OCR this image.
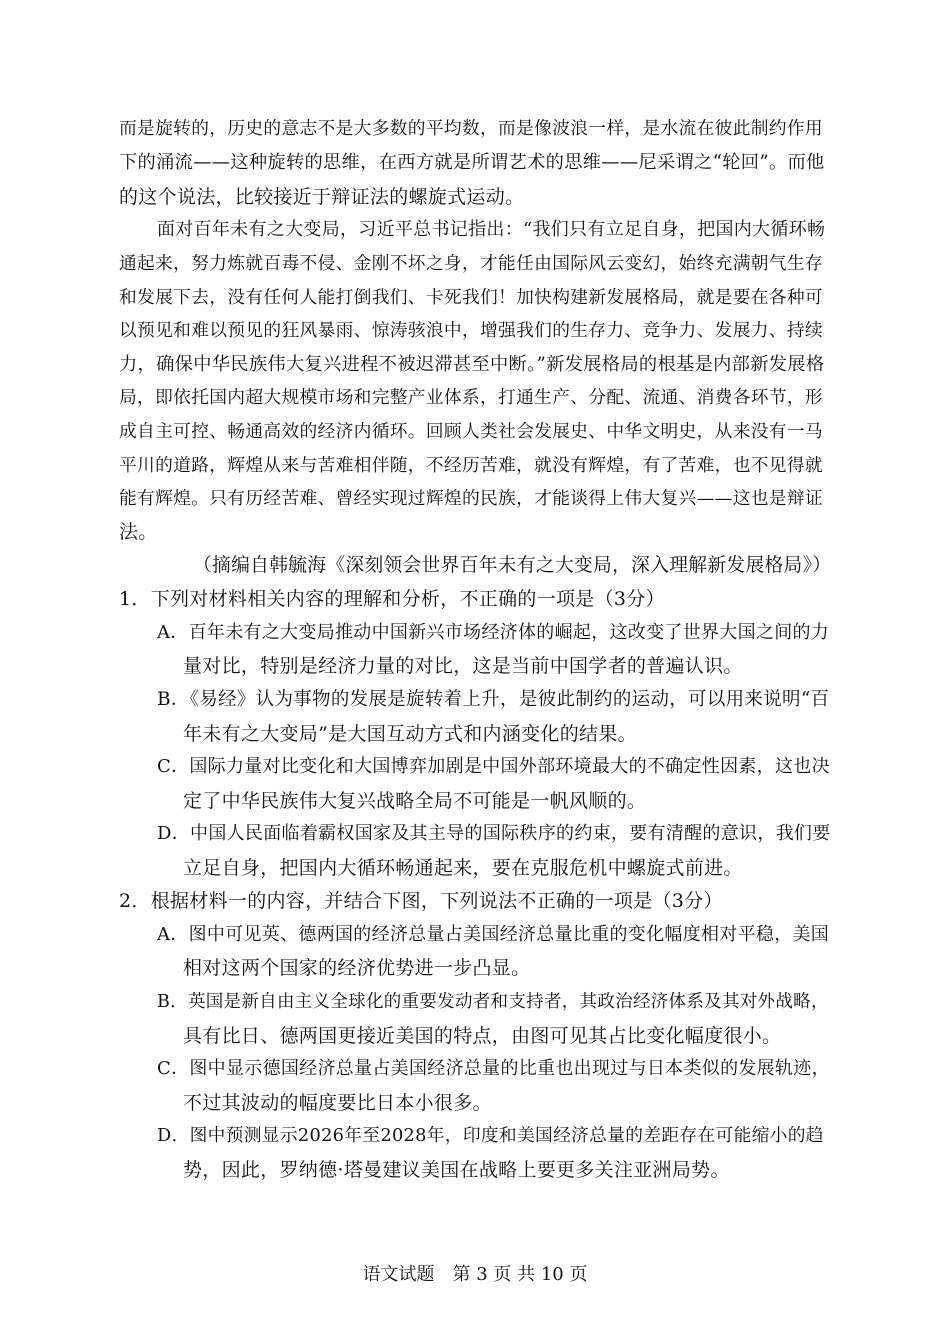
而是旋转的，历史的意志不是大多数的平均数，而是像波浪一样，是水流在彼此制约作用
下的涌流——这种旋转的思维，在西方就是所谓艺术的思维——尼采谓之“轮回”。而他
的这个说法，比较接近于辩证法的螺旋式运动。
面对百年未有之大变局，习近平总书记指出：“我们只有立足自身，把国内大循环畅
通起来，努力炼就百毒不侵、金刚不坏之身，才能任由国际风云变幻，始终充满朝气生存
和发展下去，没有任何人能打倒我们、卡死我们！加快构建新发展格局，就是要在各种可
以预见和难以预见的狂风暴雨、惊涛骇浪中，增强我们的生存力、竞争力、发展力、持续
力，确保中华民族伟大复兴进程不被迟滞甚至中断。”新发展格局的根基是内部新发展格
局，即依托国内超大规模市场和完整产业体系，打通生产、分配、流通、消费各环节，形
成自主可控、畅通高效的经济内循环。回顾人类社会发展史、中华文明史，从来没有一马
平川的道路，辉煌从来与苦难相伴随，不经历苦难，就没有辉煌，有了苦难，也不见得就
能有辉煌。只有历经苦难、曾经实现过辉煌的民族，才能谈得上伟大复兴——这也是辩证
法。
（摘编自韩毓海《深刻领会世界百年未有之大变局，深入理解新发展格局》）
1．下列对材料相关内容的理解和分析，不正确的一项是（3分）
A．百年未有之大变局推动中国新兴市场经济体的崛起，这改变了世界大国之间的力
量对比，特别是经济力量的对比，这是当前中国学者的普遍认识。
B．《易经》认为事物的发展是旋转着上升，是彼此制约的运动，可以用来说明“百
年未有之大变局”是大国互动方式和内涵变化的结果。
C．国际力量对比变化和大国博弈加剧是中国外部环境最大的不确定性因素，这也决
定了中华民族伟大复兴战略全局不可能是一帆风顺的。
D．中国人民面临着霸权国家及其主导的国际秩序的约束，要有清醒的意识，我们要
立足自身，把国内大循环畅通起来，要在克服危机中螺旋式前进。
2．根据材料一的内容，并结合下图，下列说法不正确的一项是（3分）
A．图中可见英、德两国的经济总量占美国经济总量比重的变化幅度相对平稳，美国
相对这两个国家的经济优势进一步凸显。
B．英国是新自由主义全球化的重要发动者和支持者，其政治经济体系及其对外战略，
具有比日、德两国更接近美国的特点，由图可见其占比变化幅度很小。
C．图中显示德国经济总量占美国经济总量的比重也出现过与日本类似的发展轨迹，
不过其波动的幅度要比日本小很多。
D．图中预测显示2026年至2028年，印度和美国经济总量的差距存在可能缩小的趋
势，因此，罗纳德·塔曼建议美国在战略上要更多关注亚洲局势。
语文试题　第 3 页 共 10 页
